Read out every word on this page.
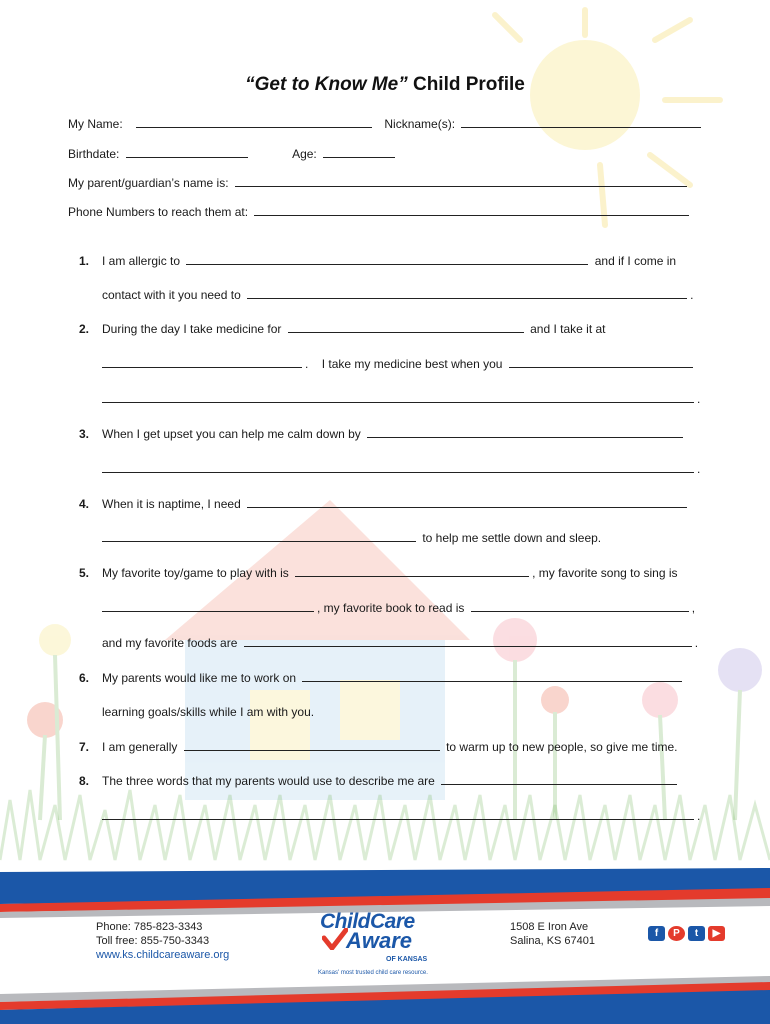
“Get to Know Me” Child Profile
My Name:	Nickname(s):
Birthdate:	Age:
My parent/guardian’s name is:
Phone Numbers to reach them at:
1. I am allergic to	and if I come in
contact with it you need to	.
2. During the day I take medicine for	and I take it at
. I take my medicine best when you
.
3. When I get upset you can help me calm down by
.
4. When it is naptime, I need
to help me settle down and sleep.
5. My favorite toy/game to play with is	, my favorite song to sing is
, my favorite book to read is	,
and my favorite foods are	.
6. My parents would like me to work on
learning goals/skills while I am with you.
7. I am generally	to warm up to new people, so give me time.
8. The three words that my parents would use to describe me are
.
Phone: 785-823-3343
Toll free: 855-750-3343
www.ks.childcareaware.org
ChildCare
Aware
OF KANSAS
Kansas' most trusted child care resource.
1508 E Iron Ave
Salina, KS 67401
f	P	t	▶
